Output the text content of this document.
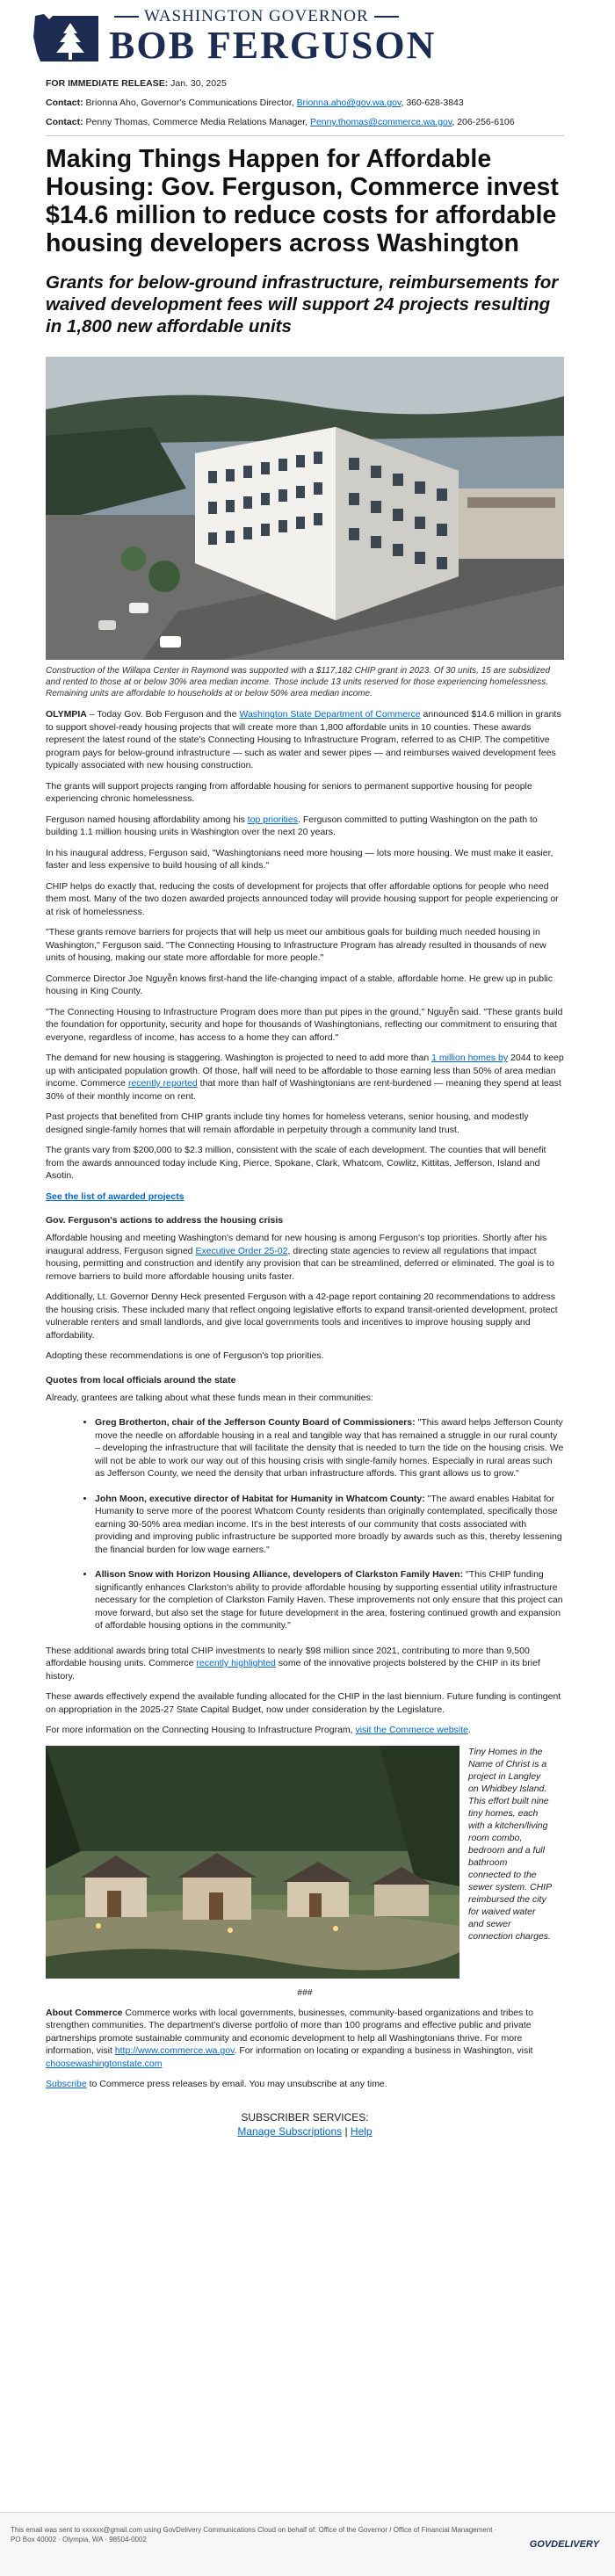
WASHINGTON GOVERNOR
BOB FERGUSON

FOR IMMEDIATE RELEASE: Jan. 30, 2025

Contact: Brionna Aho, Governor's Communications Director, Brionna.aho@gov.wa.gov, 360-628-3843

Contact: Penny Thomas, Commerce Media Relations Manager, Penny.thomas@commerce.wa.gov, 206-256-6106

Making Things Happen for Affordable Housing: Gov. Ferguson, Commerce invest $14.6 million to reduce costs for affordable housing developers across Washington
Grants for below-ground infrastructure, reimbursements for waived development fees will support 24 projects resulting in 1,800 new affordable units

Construction of the Willapa Center in Raymond was supported with a $117,182 CHIP grant in 2023. Of 30 units, 15 are subsidized and rented to those at or below 30% area median income. Those include 13 units reserved for those experiencing homelessness. Remaining units are affordable to households at or below 50% area median income.

OLYMPIA – Today Gov. Bob Ferguson and the Washington State Department of Commerce announced $14.6 million in grants to support shovel-ready housing projects that will create more than 1,800 affordable units in 10 counties. These awards represent the latest round of the state's Connecting Housing to Infrastructure Program, referred to as CHIP. The competitive program pays for below-ground infrastructure — such as water and sewer pipes — and reimburses waived development fees typically associated with new housing construction.

The grants will support projects ranging from affordable housing for seniors to permanent supportive housing for people experiencing chronic homelessness.

Ferguson named housing affordability among his top priorities. Ferguson committed to putting Washington on the path to building 1.1 million housing units in Washington over the next 20 years.

In his inaugural address, Ferguson said, "Washingtonians need more housing — lots more housing. We must make it easier, faster and less expensive to build housing of all kinds."

CHIP helps do exactly that, reducing the costs of development for projects that offer affordable options for people who need them most. Many of the two dozen awarded projects announced today will provide housing support for people experiencing or at risk of homelessness.

"These grants remove barriers for projects that will help us meet our ambitious goals for building much needed housing in Washington," Ferguson said. "The Connecting Housing to Infrastructure Program has already resulted in thousands of new units of housing, making our state more affordable for more people."

Commerce Director Joe Nguyễn knows first-hand the life-changing impact of a stable, affordable home. He grew up in public housing in King County.

"The Connecting Housing to Infrastructure Program does more than put pipes in the ground," Nguyễn said. "These grants build the foundation for opportunity, security and hope for thousands of Washingtonians, reflecting our commitment to ensuring that everyone, regardless of income, has access to a home they can afford."

The demand for new housing is staggering. Washington is projected to need to add more than 1 million homes by 2044 to keep up with anticipated population growth. Of those, half will need to be affordable to those earning less than 50% of area median income. Commerce recently reported that more than half of Washingtonians are rent-burdened — meaning they spend at least 30% of their monthly income on rent.

Past projects that benefited from CHIP grants include tiny homes for homeless veterans, senior housing, and modestly designed single-family homes that will remain affordable in perpetuity through a community land trust.

The grants vary from $200,000 to $2.3 million, consistent with the scale of each development. The counties that will benefit from the awards announced today include King, Pierce, Spokane, Clark, Whatcom, Cowlitz, Kittitas, Jefferson, Island and Asotin.

See the list of awarded projects

Gov. Ferguson's actions to address the housing crisis

Affordable housing and meeting Washington's demand for new housing is among Ferguson's top priorities. Shortly after his inaugural address, Ferguson signed Executive Order 25-02, directing state agencies to review all regulations that impact housing, permitting and construction and identify any provision that can be streamlined, deferred or eliminated. The goal is to remove barriers to build more affordable housing units faster.

Additionally, Lt. Governor Denny Heck presented Ferguson with a 42-page report containing 20 recommendations to address the housing crisis. These included many that reflect ongoing legislative efforts to expand transit-oriented development, protect vulnerable renters and small landlords, and give local governments tools and incentives to improve housing supply and affordability.

Adopting these recommendations is one of Ferguson's top priorities.

Quotes from local officials around the state

Already, grantees are talking about what these funds mean in their communities:

• Greg Brotherton, chair of the Jefferson County Board of Commissioners: "This award helps Jefferson County move the needle on affordable housing in a real and tangible way that has remained a struggle in our rural county – developing the infrastructure that will facilitate the density that is needed to turn the tide on the housing crisis. We will not be able to work our way out of this housing crisis with single-family homes. Especially in rural areas such as Jefferson County, we need the density that urban infrastructure affords. This grant allows us to grow."
• John Moon, executive director of Habitat for Humanity in Whatcom County: "The award enables Habitat for Humanity to serve more of the poorest Whatcom County residents than originally contemplated, specifically those earning 30-50% area median income. It's in the best interests of our community that costs associated with providing and improving public infrastructure be supported more broadly by awards such as this, thereby lessening the financial burden for low wage earners."
• Allison Snow with Horizon Housing Alliance, developers of Clarkston Family Haven: "This CHIP funding significantly enhances Clarkston's ability to provide affordable housing by supporting essential utility infrastructure necessary for the completion of Clarkston Family Haven. These improvements not only ensure that this project can move forward, but also set the stage for future development in the area, fostering continued growth and expansion of affordable housing options in the community."

These additional awards bring total CHIP investments to nearly $98 million since 2021, contributing to more than 9,500 affordable housing units. Commerce recently highlighted some of the innovative projects bolstered by the CHIP in its brief history.

These awards effectively expend the available funding allocated for the CHIP in the last biennium. Future funding is contingent on appropriation in the 2025-27 State Capital Budget, now under consideration by the Legislature.

For more information on the Connecting Housing to Infrastructure Program, visit the Commerce website.

Tiny Homes in the Name of Christ is a project in Langley on Whidbey Island. This effort built nine tiny homes, each with a kitchen/living room combo, bedroom and a full bathroom connected to the sewer system. CHIP reimbursed the city for waived water and sewer connection charges.
###

About Commerce Commerce works with local governments, businesses, community-based organizations and tribes to strengthen communities. The department's diverse portfolio of more than 100 programs and effective public and private partnerships promote sustainable community and economic development to help all Washingtonians thrive. For more information, visit http://www.commerce.wa.gov. For information on locating or expanding a business in Washington, visit choosewashingtonstate.com

Subscribe to Commerce press releases by email. You may unsubscribe at any time.

SUBSCRIBER SERVICES:
Manage Subscriptions | Help
This email was sent to xxxxxx@gmail.com using GovDelivery Communications Cloud on behalf of: Office of the Governor / Office of Financial Management · PO Box 40002 · Olympia, WA · 98504-0002	GOVDELIVERY
